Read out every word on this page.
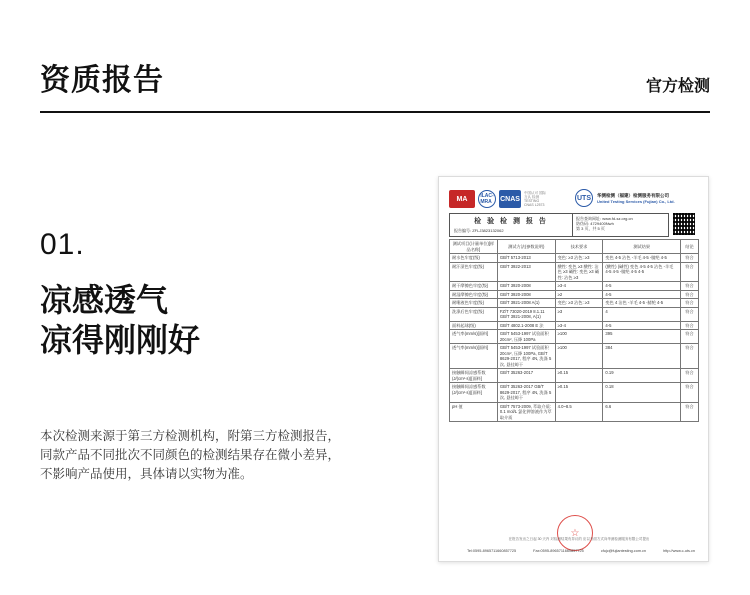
资质报告	官方检测
01.
凉感透气
凉得刚刚好
本次检测来源于第三方检测机构，附第三方检测报告，
同款产品不同批次不同颜色的检测结果存在微小差异，
不影响产品使用，具体请以实物为准。
MA	ILAC-MRA	CNAS
中国认可 国际互认 检测 TESTING CNAS L2573
UTS	华测检测（福建）检测服务有限公司
United Testing Services (Fujian) Co., Ltd.
检 验 检 测 报 告
报告编号: ZFLJ3823132062
报告查询网址: www.fd-sz.org.cn
防伪码: 4729400Nwh
第 3 页，共 5 页
测试项目(计量单位)[样品名称]	测试方法(参数说明)	技术要求	测试结果	结论
耐水色牢度(级)	GB/T 5713-2013	变色: ≥3 沾色: ≥3	变色 4-5 沾色 -羊毛 4-5 -腈纶 4-5	符合
耐汗渍色牢度(级)	GB/T 3922-2013	酸性: 变色 ≥3 酸性: 沾色 ≥3 碱性: 变色 ≥3 碱性: 沾色 ≥3	(酸性) (碱性) 变色 4-5 4-5 沾色 -羊毛 4-5 4-5 -腈纶 4-5 4-5	符合
耐干摩擦色牢度(级)	GB/T 3920-2008	≥3-4	4-5	符合
耐湿摩擦色牢度(级)	GB/T 3920-2008	≥2	4-5	符合
耐唾液色牢度(级)	GB/T 3921-2008 A(1)	变色: ≥3 沾色: ≥3	变色 4 沾色 -羊毛 4-5 -腈纶 4-5	符合
洗涤后色牢度(级)	FZ/T 73020-2019 8.1.11 GB/T 3921-2008, A(1)	≥3	4	符合
面料起球(级)	GB/T 4802.1-2008 E 法	≥3-4	4-5	符合
透气率(mm/s)[面料]	GB/T 5453-1997 试验面积 20cm², 压降 100Pa	≥100	395	符合
透气率(mm/s)[面料]	GB/T 5453-1997 试验面积 20cm², 压降 100Pa, GB/T 8629-2017, 程序 4N, 洗涤 5 次, 悬挂晾干	≥100	384	符合
接触瞬间凉感系数 (J/(cm²·s))[面料]	GB/T 35263-2017	≥0.15	0.19	符合
接触瞬间凉感系数 (J/(cm²·s))[面料]	GB/T 35263-2017 GB/T 8629-2017, 程序 4N, 洗涤 5 次, 悬挂晾干	≥0.15	0.18	符合
pH 值	GB/T 7573-2009, 萃取介质: 0.1 mol/L 氯化钾溶液作为萃取介质	4.0~8.5	6.6	符合
☆
在报告发出之日起 30 天内 对检测结果有异议的 应以书面方式向华测检测服务有限公司提出
Tel:0595-8965711660857725	Fax:0595-8965711660857725	cfujc@fujiantesting.com.cn	http://www.c-uts.cn
